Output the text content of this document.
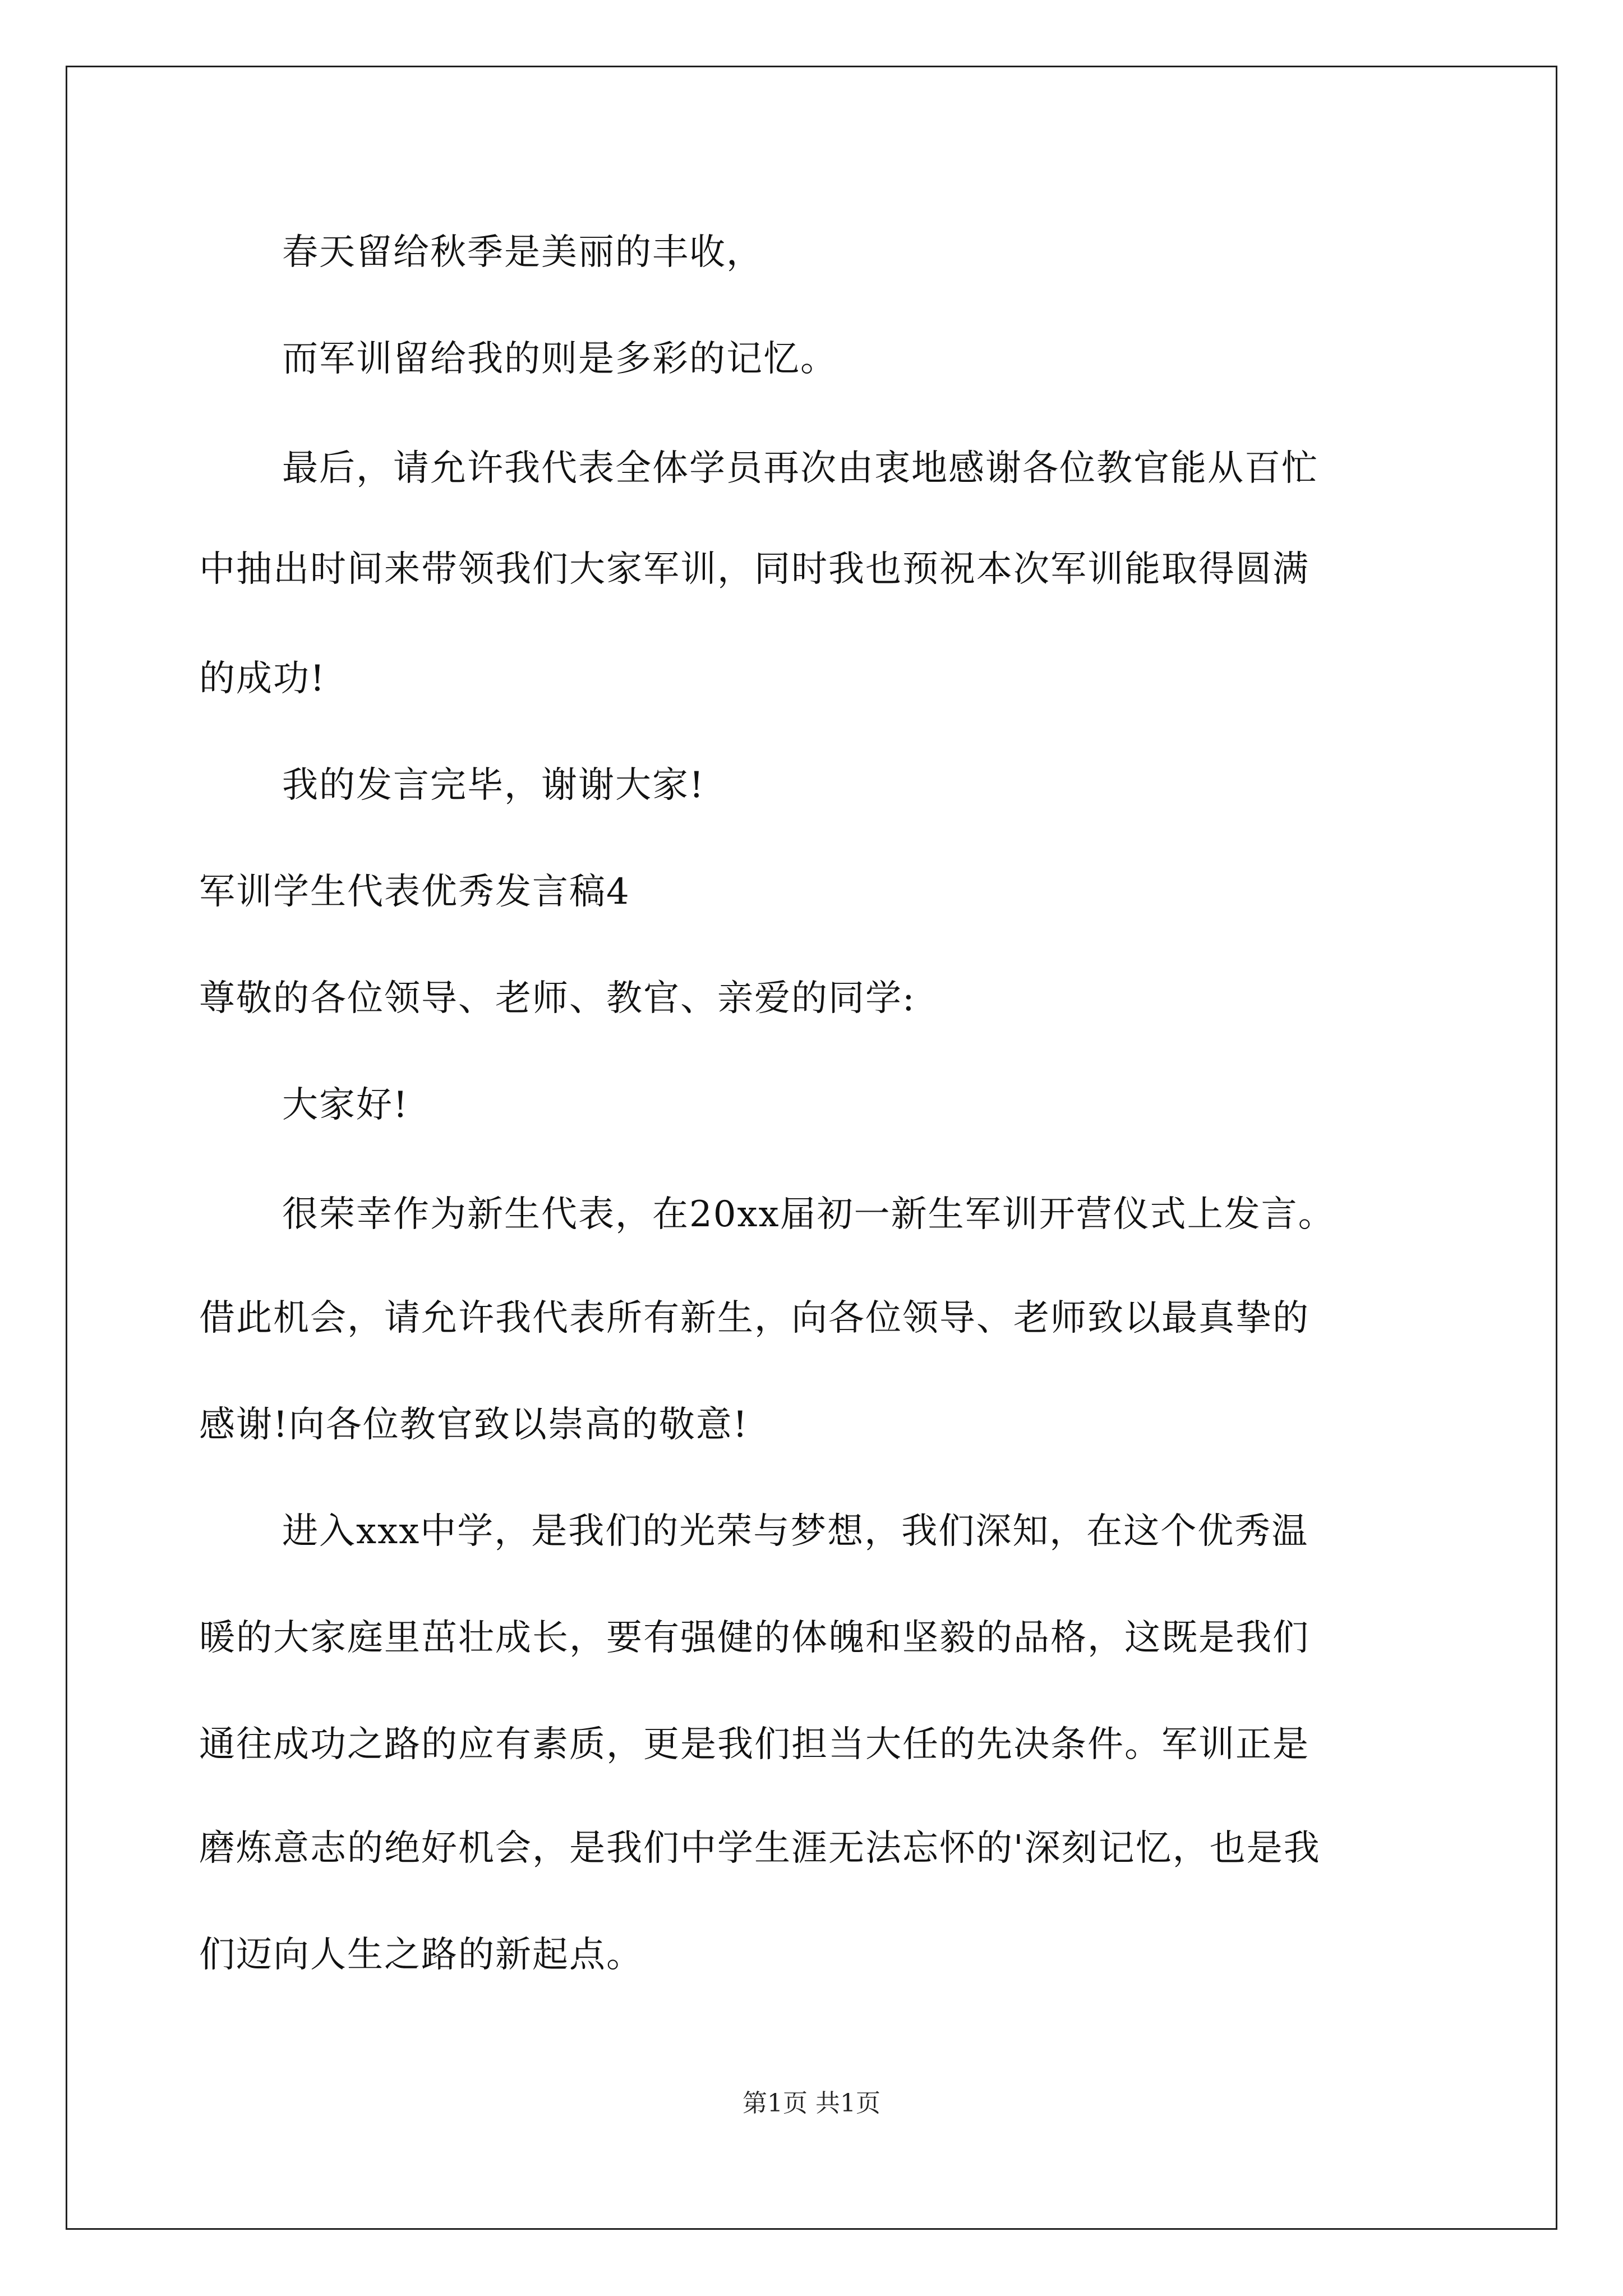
春天留给秋季是美丽的丰收，
而军训留给我的则是多彩的记忆。
最后，请允许我代表全体学员再次由衷地感谢各位教官能从百忙
中抽出时间来带领我们大家军训，同时我也预祝本次军训能取得圆满
的成功!
我的发言完毕，谢谢大家!
军训学生代表优秀发言稿4
尊敬的各位领导、老师、教官、亲爱的同学:
大家好!
很荣幸作为新生代表，在20xx届初一新生军训开营仪式上发言。
借此机会，请允许我代表所有新生，向各位领导、老师致以最真挚的
感谢!向各位教官致以崇高的敬意!
进入xxx中学，是我们的光荣与梦想，我们深知，在这个优秀温
暖的大家庭里茁壮成长，要有强健的体魄和坚毅的品格，这既是我们
通往成功之路的应有素质，更是我们担当大任的先决条件。军训正是
磨炼意志的绝好机会，是我们中学生涯无法忘怀的'深刻记忆，也是我
们迈向人生之路的新起点。
第1页 共1页
